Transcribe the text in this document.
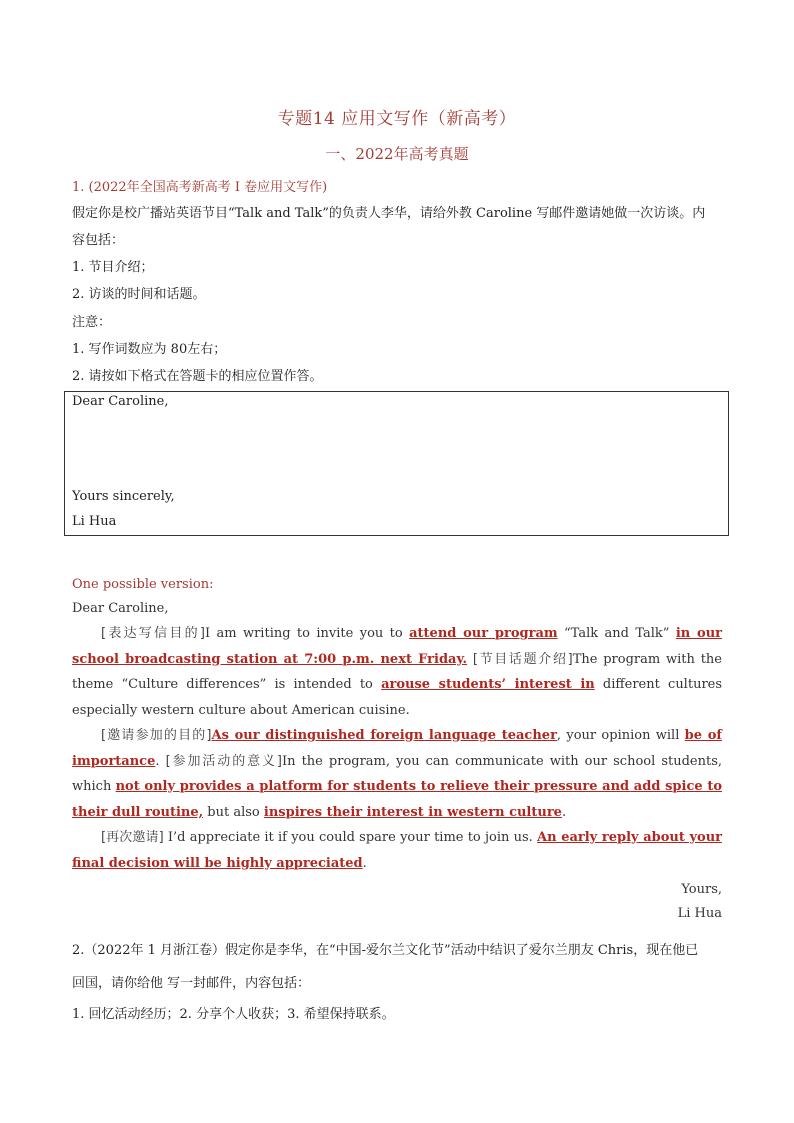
专题14 应用文写作（新高考）
一、2022年高考真题
1. (2022年全国高考新高考 I 卷应用文写作)
假定你是校广播站英语节目“Talk and Talk”的负责人李华，请给外教 Caroline 写邮件邀请她做一次访谈。内
容包括：
1. 节目介绍；
2. 访谈的时间和话题。
注意：
1. 写作词数应为 80左右；
2. 请按如下格式在答题卡的相应位置作答。
Dear Caroline,
Yours sincerely,
Li Hua
One possible version:
Dear Caroline,

[表达写信目的]I am writing to invite you to attend our program “Talk and Talk” in our school broadcasting station at 7:00 p.m. next Friday. [节目话题介绍]The program with the theme “Culture differences” is intended to arouse students’ interest in different cultures especially western culture about American cuisine.

[邀请参加的目的]As our distinguished foreign language teacher, your opinion will be of importance. [参加活动的意义]In the program, you can communicate with our school students, which not only provides a platform for students to relieve their pressure and add spice to their dull routine, but also inspires their interest in western culture.

[再次邀请] I’d appreciate it if you could spare your time to join us. An early reply about your final decision will be highly appreciated.

Yours,
Li Hua
2.（2022年 1 月浙江卷）假定你是李华，在“中国-爱尔兰文化节”活动中结识了爱尔兰朋友 Chris，现在他已
回国，请你给他 写一封邮件，内容包括：
1. 回忆活动经历；2. 分享个人收获；3. 希望保持联系。
